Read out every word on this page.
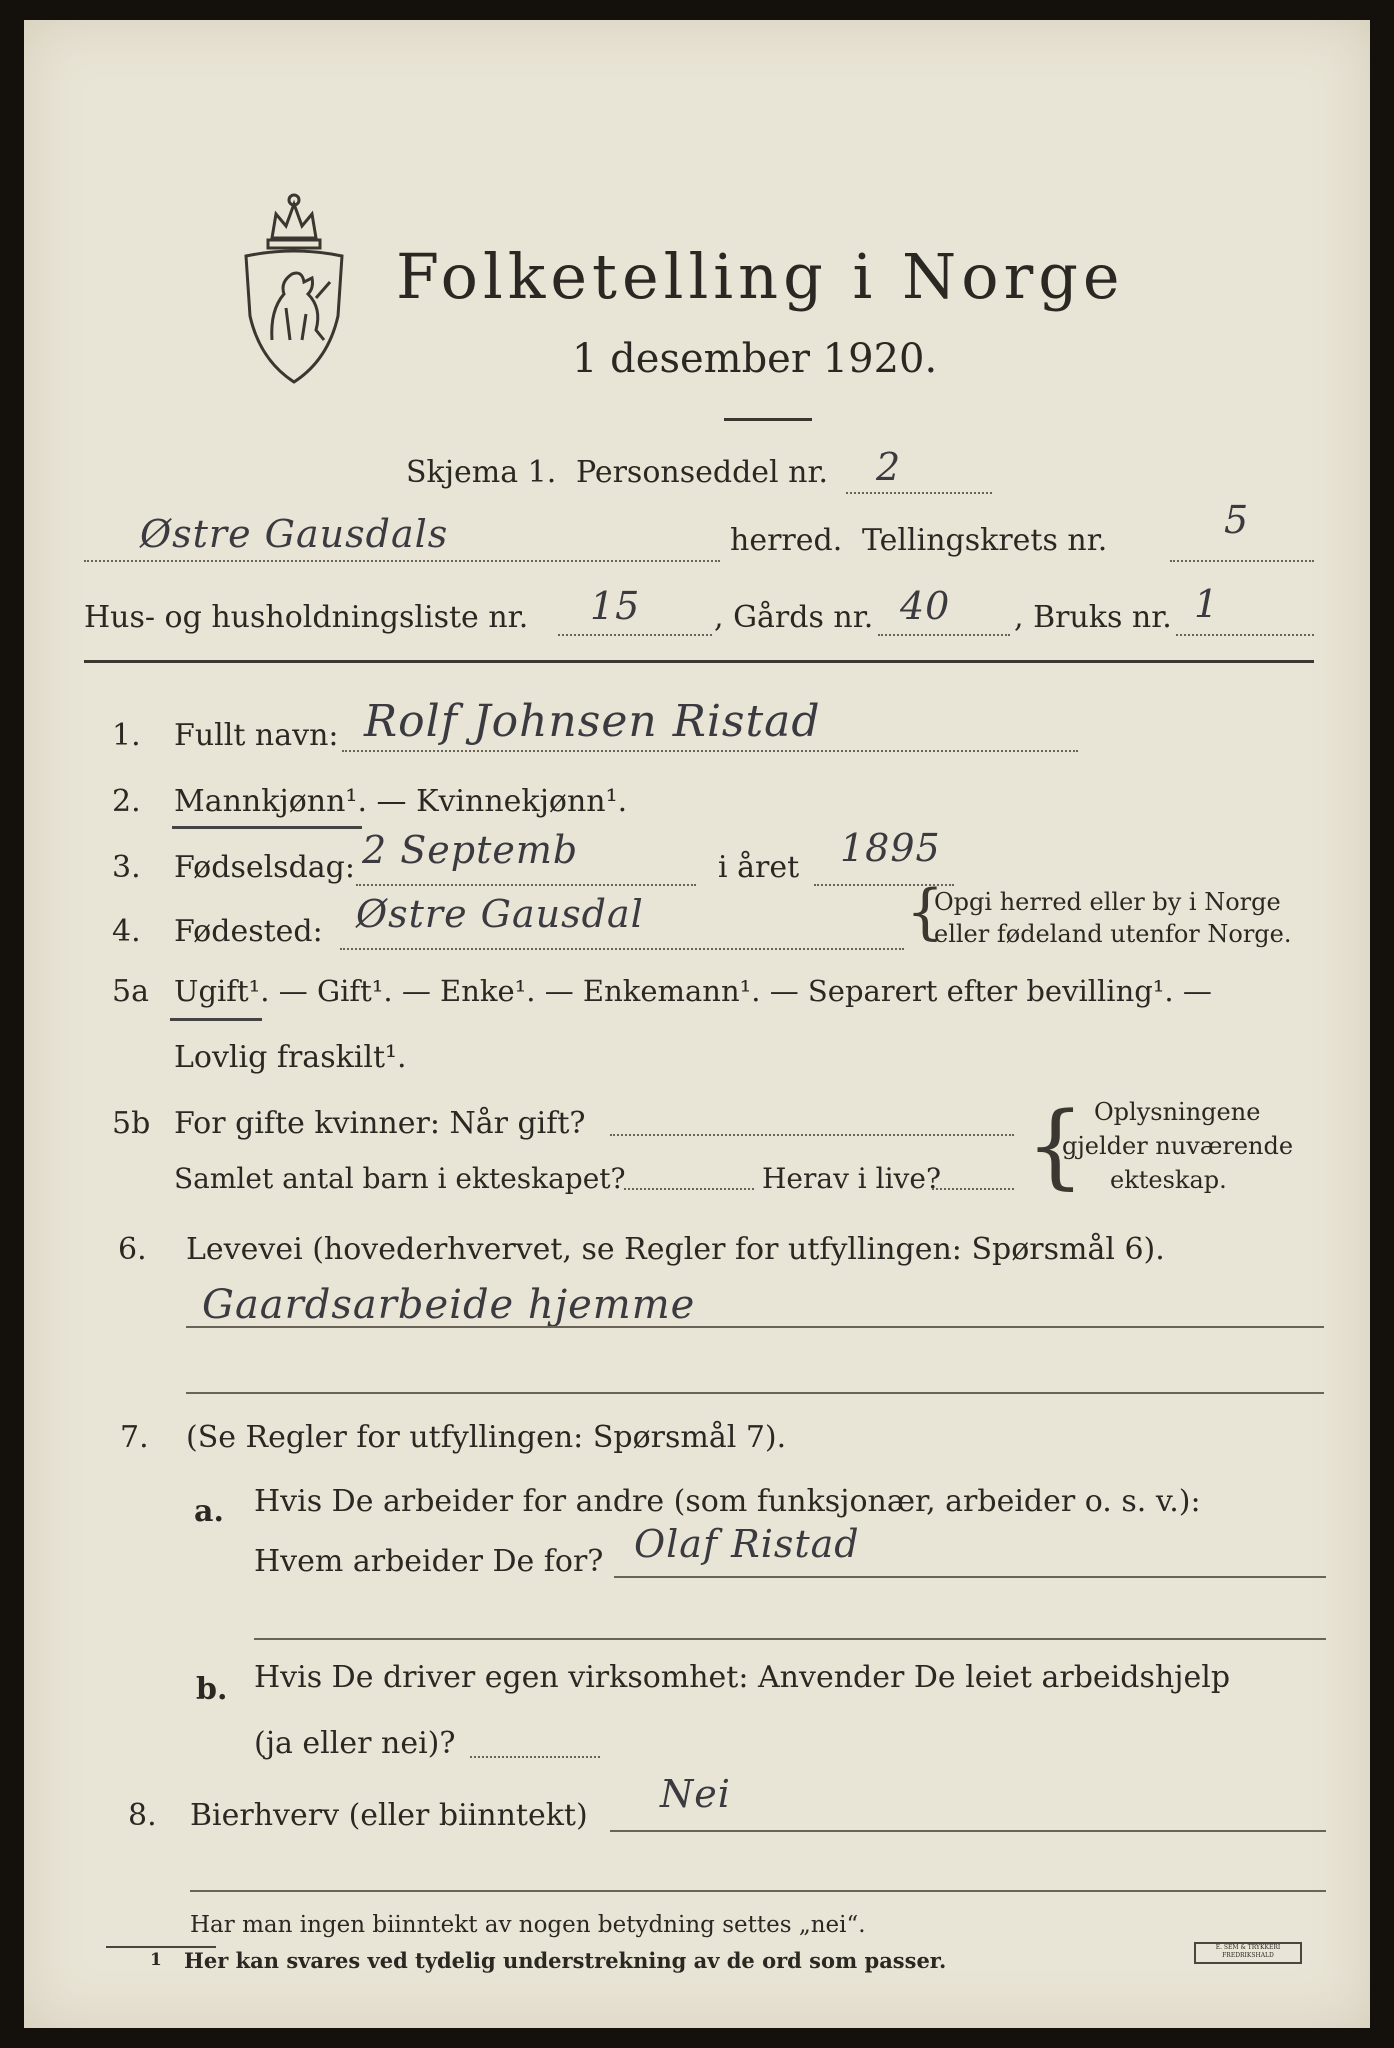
Folketelling i Norge
1 desember 1920.
Skjema 1. Personseddel nr. 2
Østre Gausdals	herred. Tellingskrets nr.	5
Hus- og husholdningsliste nr. 15 , Gårds nr. 40 , Bruks nr. 1
1. Fullt navn: Rolf Johnsen Ristad
2. Mannkjønn¹. — Kvinnekjønn¹.
3. Fødselsdag: 2 Septemb	i året 1895
4. Fødested: Østre Gausdal	{
Opgi herred eller by i Norge
eller fødeland utenfor Norge.
5a Ugift¹. — Gift¹. — Enke¹. — Enkemann¹. — Separert efter bevilling¹. —
Lovlig fraskilt¹.
5b For gifte kvinner: Når gift?
Samlet antal barn i ekteskapet?	Herav i live? { Oplysningene
gjelder nuværende
ekteskap.
6. Levevei (hovederhvervet, se Regler for utfyllingen: Spørsmål 6).
Gaardsarbeide hjemme
7. (Se Regler for utfyllingen: Spørsmål 7).
a. Hvis De arbeider for andre (som funksjonær, arbeider o. s. v.):
Hvem arbeider De for? Olaf Ristad
b. Hvis De driver egen virksomhet: Anvender De leiet arbeidshjelp
(ja eller nei)?
8. Bierhverv (eller biinntekt) Nei
Har man ingen biinntekt av nogen betydning settes „nei“.
1 Her kan svares ved tydelig understrekning av de ord som passer.
E. SEM & TRYKKERI FREDRIKSHALD
